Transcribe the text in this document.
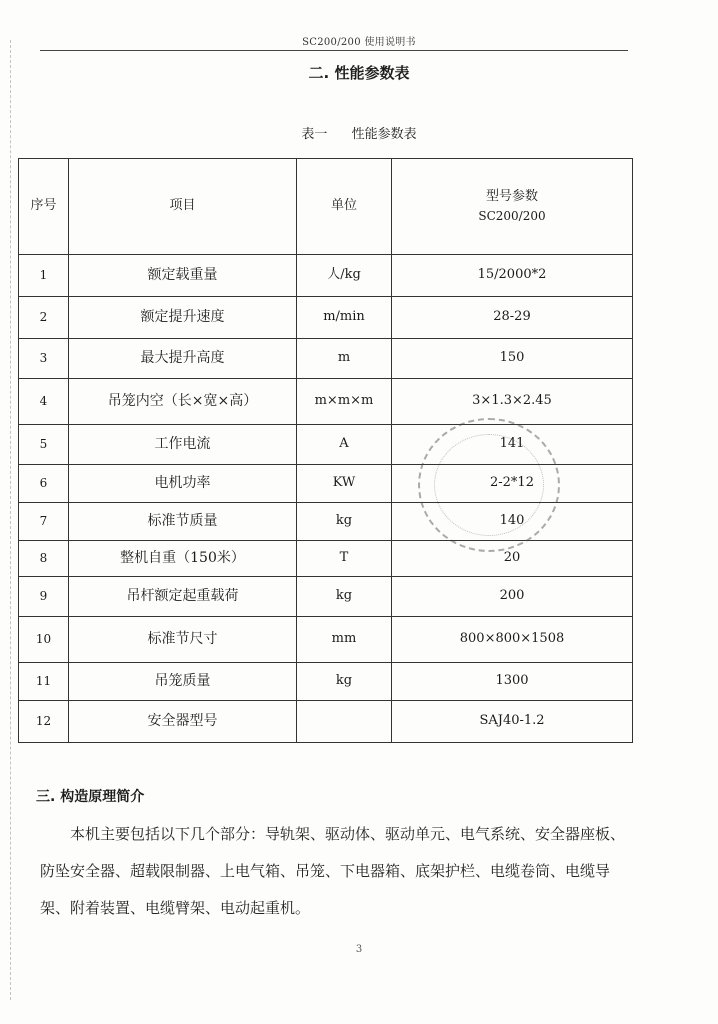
SC200/200 使用说明书
二. 性能参数表
表一 性能参数表
序号	项目	单位	型号参数
SC200/200

1	额定载重量	人/kg	15/2000*2
2	额定提升速度	m/min	28-29
3	最大提升高度	m	150
4	吊笼内空（长×宽×高）	m×m×m	3×1.3×2.45
5	工作电流	A	141
6	电机功率	KW	2-2*12
7	标准节质量	kg	140
8	整机自重（150米）	T	20
9	吊杆额定起重载荷	kg	200
10	标准节尺寸	mm	800×800×1508
11	吊笼质量	kg	1300
12	安全器型号		SAJ40-1.2
三. 构造原理简介
本机主要包括以下几个部分：导轨架、驱动体、驱动单元、电气系统、安全器座板、防坠安全器、超载限制器、上电气箱、吊笼、下电器箱、底架护栏、电缆卷筒、电缆导架、附着装置、电缆臂架、电动起重机。
3
